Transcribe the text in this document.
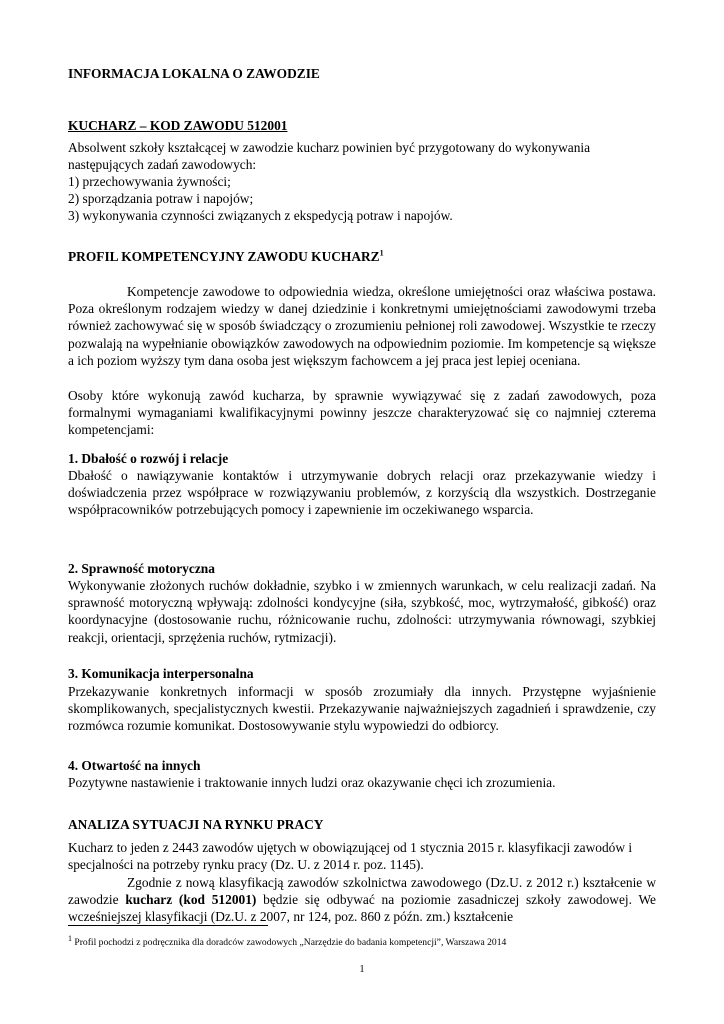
INFORMACJA LOKALNA O ZAWODZIE

KUCHARZ – KOD ZAWODU 512001

Absolwent szkoły kształcącej w zawodzie kucharz powinien być przygotowany do wykonywania następujących zadań zawodowych:

1) przechowywania żywności;

2) sporządzania potraw i napojów;

3) wykonywania czynności związanych z ekspedycją potraw i napojów.

PROFIL KOMPETENCYJNY ZAWODU KUCHARZ$^1$

Kompetencje zawodowe to odpowiednia wiedza, określone umiejętności oraz właściwa postawa. Poza określonym rodzajem wiedzy w danej dziedzinie i konkretnymi umiejętnościami zawodowymi trzeba również zachowywać się w sposób świadczący o zrozumieniu pełnionej roli zawodowej. Wszystkie te rzeczy pozwalają na wypełnianie obowiązków zawodowych na odpowiednim poziomie. Im kompetencje są większe a ich poziom wyższy tym dana osoba jest większym fachowcem a jej praca jest lepiej oceniana.

Osoby które wykonują zawód kucharza, by sprawnie wywiązywać się z zadań zawodowych, poza formalnymi wymaganiami kwalifikacyjnymi powinny jeszcze charakteryzować się co najmniej czterema kompetencjami:

1. Dbałość o rozwój i relacje

Dbałość o nawiązywanie kontaktów i utrzymywanie dobrych relacji oraz przekazywanie wiedzy i doświadczenia przez współprace w rozwiązywaniu problemów, z korzyścią dla wszystkich. Dostrzeganie współpracowników potrzebujących pomocy i zapewnienie im oczekiwanego wsparcia.

2. Sprawność motoryczna

Wykonywanie złożonych ruchów dokładnie, szybko i w zmiennych warunkach, w celu realizacji zadań. Na sprawność motoryczną wpływają: zdolności kondycyjne (siła, szybkość, moc, wytrzymałość, gibkość) oraz koordynacyjne (dostosowanie ruchu, różnicowanie ruchu, zdolności: utrzymywania równowagi, szybkiej reakcji, orientacji, sprzężenia ruchów, rytmizacji).

3. Komunikacja interpersonalna

Przekazywanie konkretnych informacji w sposób zrozumiały dla innych. Przystępne wyjaśnienie skomplikowanych, specjalistycznych kwestii. Przekazywanie najważniejszych zagadnień i sprawdzenie, czy rozmówca rozumie komunikat. Dostosowywanie stylu wypowiedzi do odbiorcy.

4. Otwartość na innych

Pozytywne nastawienie i traktowanie innych ludzi oraz okazywanie chęci ich zrozumienia.

ANALIZA SYTUACJI NA RYNKU PRACY

Kucharz to jeden z 2443 zawodów ujętych w obowiązującej od 1 stycznia 2015 r. klasyfikacji zawodów i specjalności na potrzeby rynku pracy (Dz. U. z 2014 r. poz. 1145).

Zgodnie z nową klasyfikacją zawodów szkolnictwa zawodowego (Dz.U. z 2012 r.) kształcenie w zawodzie kucharz (kod 512001) będzie się odbywać na poziomie zasadniczej szkoły zawodowej. We wcześniejszej klasyfikacji (Dz.U. z 2007, nr 124, poz. 860 z późn. zm.) kształcenie

$^1$ Profil pochodzi z podręcznika dla doradców zawodowych „Narzędzie do badania kompetencji”, Warszawa 2014
1
